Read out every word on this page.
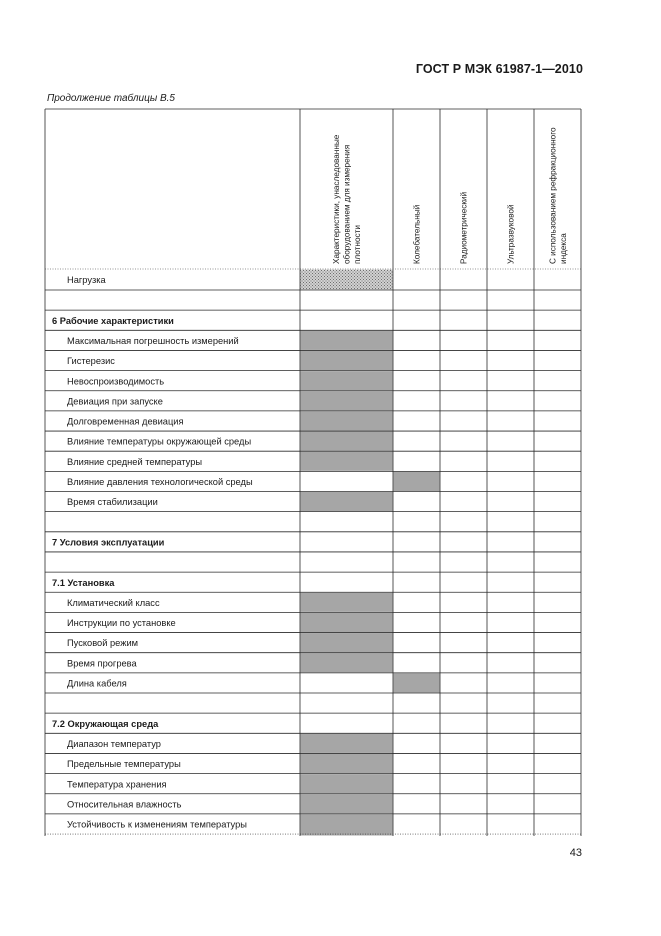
ГОСТ Р МЭК 61987-1—2010
Продолжение таблицы В.5
Характеристики, унаследованные оборудованием для измерения плотности	Колебательный	Радиометрический	Ультразвуковой	С использованием рефракционного индекса
Нагрузка
6 Рабочие характеристики
Максимальная погрешность измерений
Гистерезис
Невоспроизводимость
Девиация при запуске
Долговременная девиация
Влияние температуры окружающей среды
Влияние средней температуры
Влияние давления технологической среды
Время стабилизации
7 Условия эксплуатации
7.1 Установка
Климатический класс
Инструкции по установке
Пусковой режим
Время прогрева
Длина кабеля
7.2 Окружающая среда
Диапазон температур
Предельные температуры
Температура хранения
Относительная влажность
Устойчивость к изменениям температуры
43
